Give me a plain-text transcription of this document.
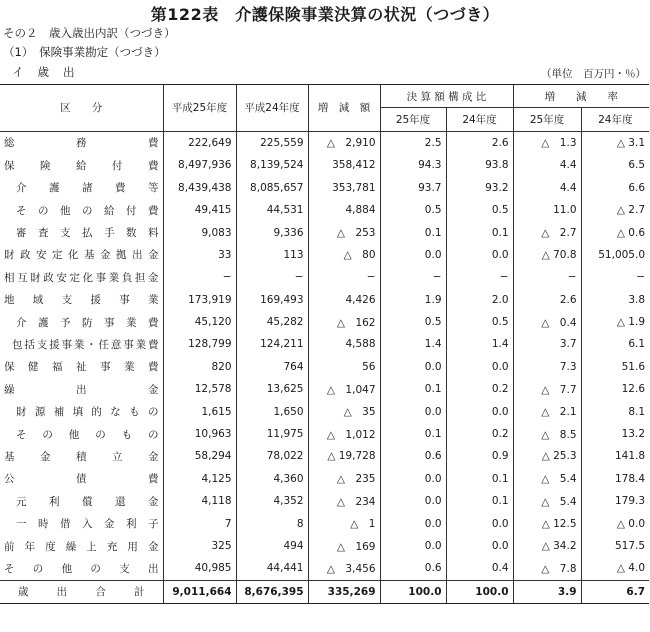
第122表　介護保険事業決算の状況（つづき）
その２　歳入歳出内訳（つづき）
（1）　保険事業勘定（つづき）
イ歳出	（単位　百万円・％）
区　　分	平成25年度	平成24年度	増　減　額	決 算 額 構 成 比		増　　減　　率	
				25年度	24年度	25年度	24年度
総務費	222,649	225,559	△　2,910	2.5	2.6	△　1.3	△ 3.1
保険給付費	8,497,936	8,139,524	358,412	94.3	93.8	4.4	6.5
介護諸費等	8,439,438	8,085,657	353,781	93.7	93.2	4.4	6.6
その他の給付費	49,415	44,531	4,884	0.5	0.5	11.0	△ 2.7
審査支払手数料	9,083	9,336	△　253	0.1	0.1	△　2.7	△ 0.6
財政安定化基金拠出金	33	113	△　80	0.0	0.0	△ 70.8	51,005.0
相互財政安定化事業負担金	−	−	−	−	−	−	−
地域支援事業	173,919	169,493	4,426	1.9	2.0	2.6	3.8
介護予防事業費	45,120	45,282	△　162	0.5	0.5	△　0.4	△ 1.9
包括支援事業・任意事業費	128,799	124,211	4,588	1.4	1.4	3.7	6.1
保健福祉事業費	820	764	56	0.0	0.0	7.3	51.6
繰出金	12,578	13,625	△　1,047	0.1	0.2	△　7.7	12.6
財源補填的なもの	1,615	1,650	△　35	0.0	0.0	△　2.1	8.1
その他のもの	10,963	11,975	△　1,012	0.1	0.2	△　8.5	13.2
基金積立金	58,294	78,022	△ 19,728	0.6	0.9	△ 25.3	141.8
公債費	4,125	4,360	△　235	0.0	0.1	△　5.4	178.4
元利償還金	4,118	4,352	△　234	0.0	0.1	△　5.4	179.3
一時借入金利子	7	8	△　1	0.0	0.0	△ 12.5	△ 0.0
前年度繰上充用金	325	494	△　169	0.0	0.0	△ 34.2	517.5
その他の支出	40,985	44,441	△　3,456	0.6	0.4	△　7.8	△ 4.0
歳出合計	9,011,664	8,676,395	335,269	100.0	100.0	3.9	6.7
